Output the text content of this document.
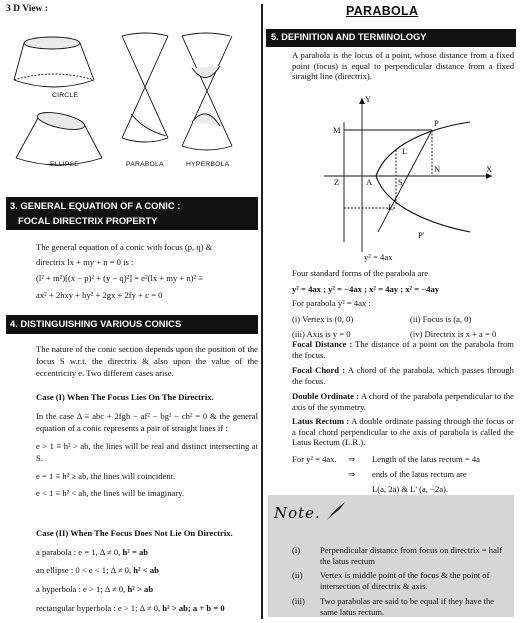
3 D View :
CIRCLE
ELLIPSE	PARABOLA	HYPERBOLA
3. GENERAL EQUATION OF A CONIC :
FOCAL DIRECTRIX PROPERTY
The general equation of a conic with focus (p, q) &
directrix lx + my + n = 0 is :
(l² + m²)[(x − p)² + (y − q)²] = e²(lx + my + n)² ≡
ax² + 2hxy + by² + 2gx + 2fy + c = 0
4. DISTINGUISHING VARIOUS CONICS
The nature of the conic section depends upon the position of the focus S w.r.t. the directrix & also upon the value of the eccentricity e. Two different cases arise.
Case (I) When The Focus Lies On The Directrix.
In the case Δ ≡ abc + 2fgh − af² − bg² − ch² = 0 & the general equation of a conic represents a pair of straight lines if :
e > 1 ≡ h² > ab, the lines will be real and distinct intersecting at S.
e = 1 ≡ h² ≥ ab, the lines will coincident.
e < 1 ≡ h² < ab, the lines will be imaginary.
Case (II) When The Focus Does Not Lie On Directrix.
a parabola : e = 1, Δ ≠ 0, h² = ab
an ellipse : 0 < e < 1; Δ ≠ 0, h² < ab
a hyperbola : e > 1; Δ ≠ 0, h² > ab
rectangular hyperbola : e > 1; Δ ≠ 0, h² > ab; a + b = 0
PARABOLA
5. DEFINITION AND TERMINOLOGY
A parabola is the locus of a point, whose distance from a fixed point (focus) is equal to perpendicular distance from a fixed straight line (directrix).
Y
X
M
P
L
N
Z	A	S
L'
P'
y² = 4ax
Four standard forms of the parabola are
y² = 4ax ; y² = −4ax ; x² = 4ay ; x² = −4ay
For parabola y² = 4ax :
(i) Vertex is (0, 0)	(ii) Focus is (a, 0)
(iii) Axis is y = 0	(iv) Directrix is x + a = 0
Focal Distance : The distance of a point on the parabola from the focus.
Focal Chord : A chord of the parabola, which passes through the focus.
Double Ordinate : A chord of the parabola perpendicular to the axis of the symmetry.
Latus Rectum : A double ordinate passing through the focus or a focal chord perpendicular to the axis of parabola is called the Latus Rectum (L.R.).
For y² = 4ax. ⇒ Length of the latus rectum = 4a
⇒ ends of the latus rectum are
L(a, 2a) & L' (a, −2a).
Note.
(i) Perpendicular distance from focus on directrix = half the latus rectum
(ii) Vertex is middle point of the focus & the point of intersection of directrix & axis.
(iii) Two parabolas are said to be equal if they have the same latus rectum.
